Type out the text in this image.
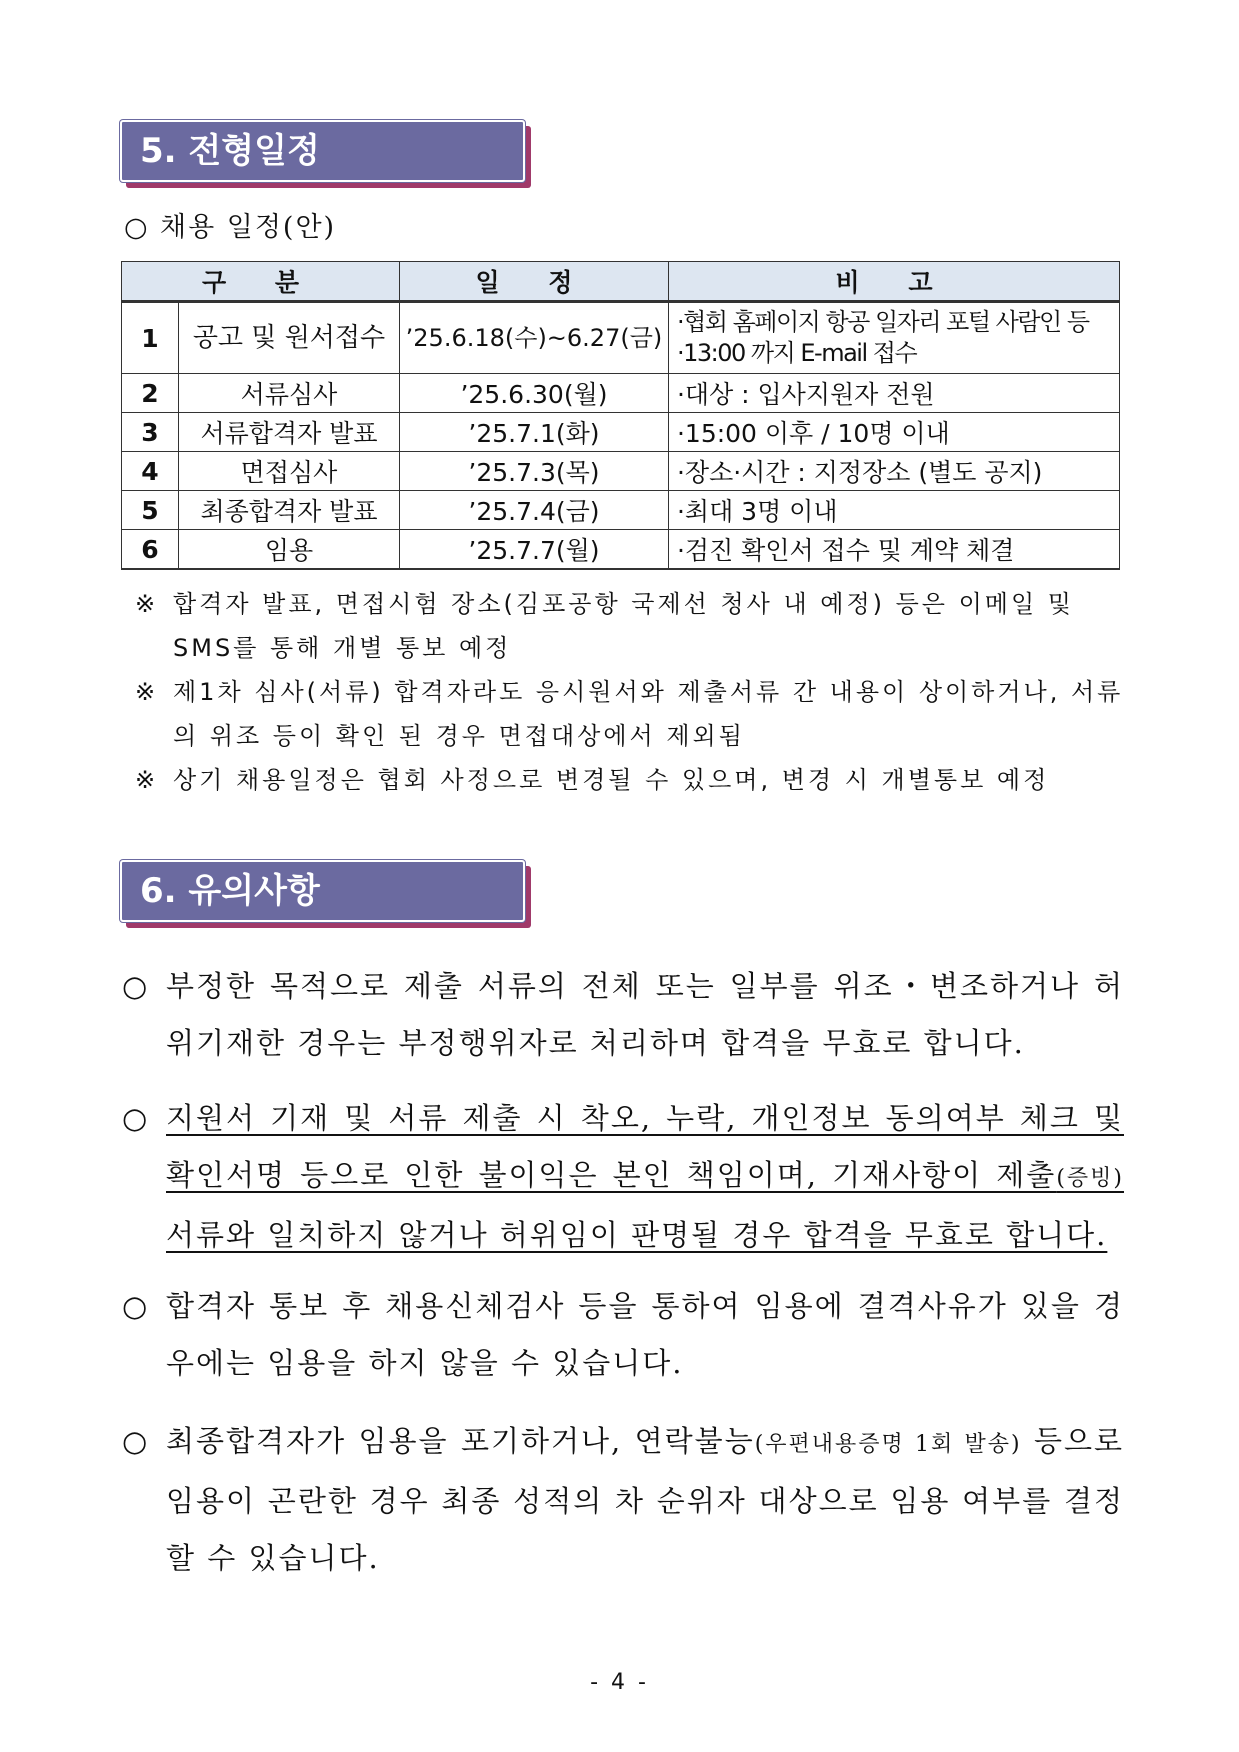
5. 전형일정
○ 채용 일정(안)
구 분		일 정	비 고
1	공고 및 원서접수	’25.6.18(수)~6.27(금)	·협회 홈페이지 항공 일자리 포털 사람인 등
·13:00 까지 E-mail 접수

2	서류심사	’25.6.30(월)	·대상 : 입사지원자 전원
3	서류합격자 발표	’25.7.1(화)	·15:00 이후 / 10명 이내
4	면접심사	’25.7.3(목)	·장소·시간 : 지정장소 (별도 공지)
5	최종합격자 발표	’25.7.4(금)	·최대 3명 이내
6	임용	’25.7.7(월)	·검진 확인서 접수 및 계약 체결
※ 합격자 발표, 면접시험 장소(김포공항 국제선 청사 내 예정) 등은 이메일 및 SMS를 통해 개별 통보 예정
※ 제1차 심사(서류) 합격자라도 응시원서와 제출서류 간 내용이 상이하거나, 서류의 위조 등이 확인 된 경우 면접대상에서 제외됨
※ 상기 채용일정은 협회 사정으로 변경될 수 있으며, 변경 시 개별통보 예정
6. 유의사항
○ 부정한 목적으로 제출 서류의 전체 또는 일부를 위조・변조하거나 허위기재한 경우는 부정행위자로 처리하며 합격을 무효로 합니다.
○ 지원서 기재 및 서류 제출 시 착오, 누락, 개인정보 동의여부 체크 및 확인서명 등으로 인한 불이익은 본인 책임이며, 기재사항이 제출(증빙) 서류와 일치하지 않거나 허위임이 판명될 경우 합격을 무효로 합니다.
○ 합격자 통보 후 채용신체검사 등을 통하여 임용에 결격사유가 있을 경우에는 임용을 하지 않을 수 있습니다.
○ 최종합격자가 임용을 포기하거나, 연락불능(우편내용증명 1회 발송) 등으로 임용이 곤란한 경우 최종 성적의 차 순위자 대상으로 임용 여부를 결정할 수 있습니다.
- 4 -
